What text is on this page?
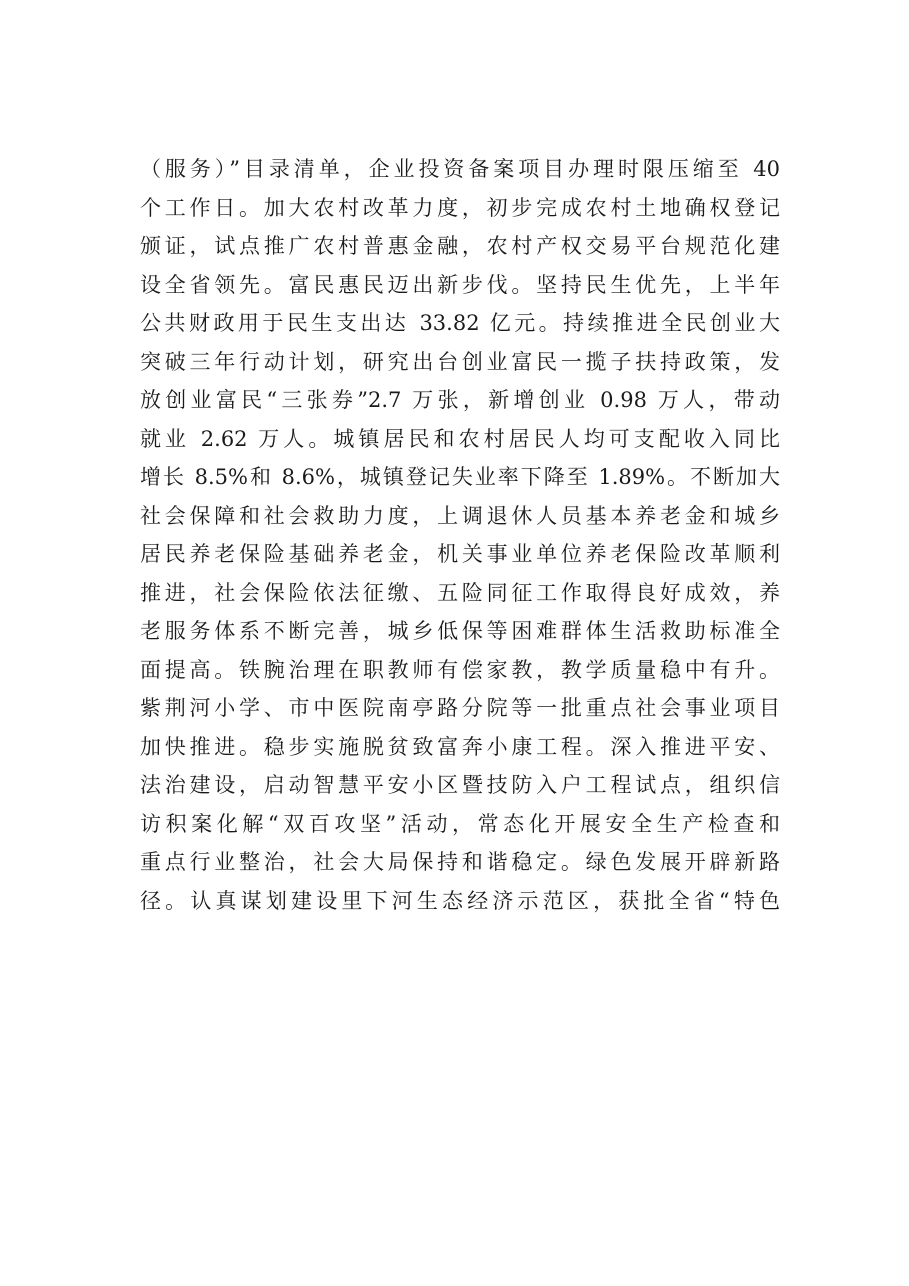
（服务）”目录清单，企业投资备案项目办理时限压缩至 40
个工作日。加大农村改革力度，初步完成农村土地确权登记
颁证，试点推广农村普惠金融，农村产权交易平台规范化建
设全省领先。富民惠民迈出新步伐。坚持民生优先，上半年
公共财政用于民生支出达 33.82 亿元。持续推进全民创业大
突破三年行动计划，研究出台创业富民一揽子扶持政策，发
放创业富民“三张券”2.7 万张，新增创业 0.98 万人，带动
就业 2.62 万人。城镇居民和农村居民人均可支配收入同比
增长 8.5%和 8.6%，城镇登记失业率下降至 1.89%。不断加大
社会保障和社会救助力度，上调退休人员基本养老金和城乡
居民养老保险基础养老金，机关事业单位养老保险改革顺利
推进，社会保险依法征缴、五险同征工作取得良好成效，养
老服务体系不断完善，城乡低保等困难群体生活救助标准全
面提高。铁腕治理在职教师有偿家教，教学质量稳中有升。
紫荆河小学、市中医院南亭路分院等一批重点社会事业项目
加快推进。稳步实施脱贫致富奔小康工程。深入推进平安、
法治建设，启动智慧平安小区暨技防入户工程试点，组织信
访积案化解“双百攻坚”活动，常态化开展安全生产检查和
重点行业整治，社会大局保持和谐稳定。绿色发展开辟新路
径。认真谋划建设里下河生态经济示范区，获批全省“特色
